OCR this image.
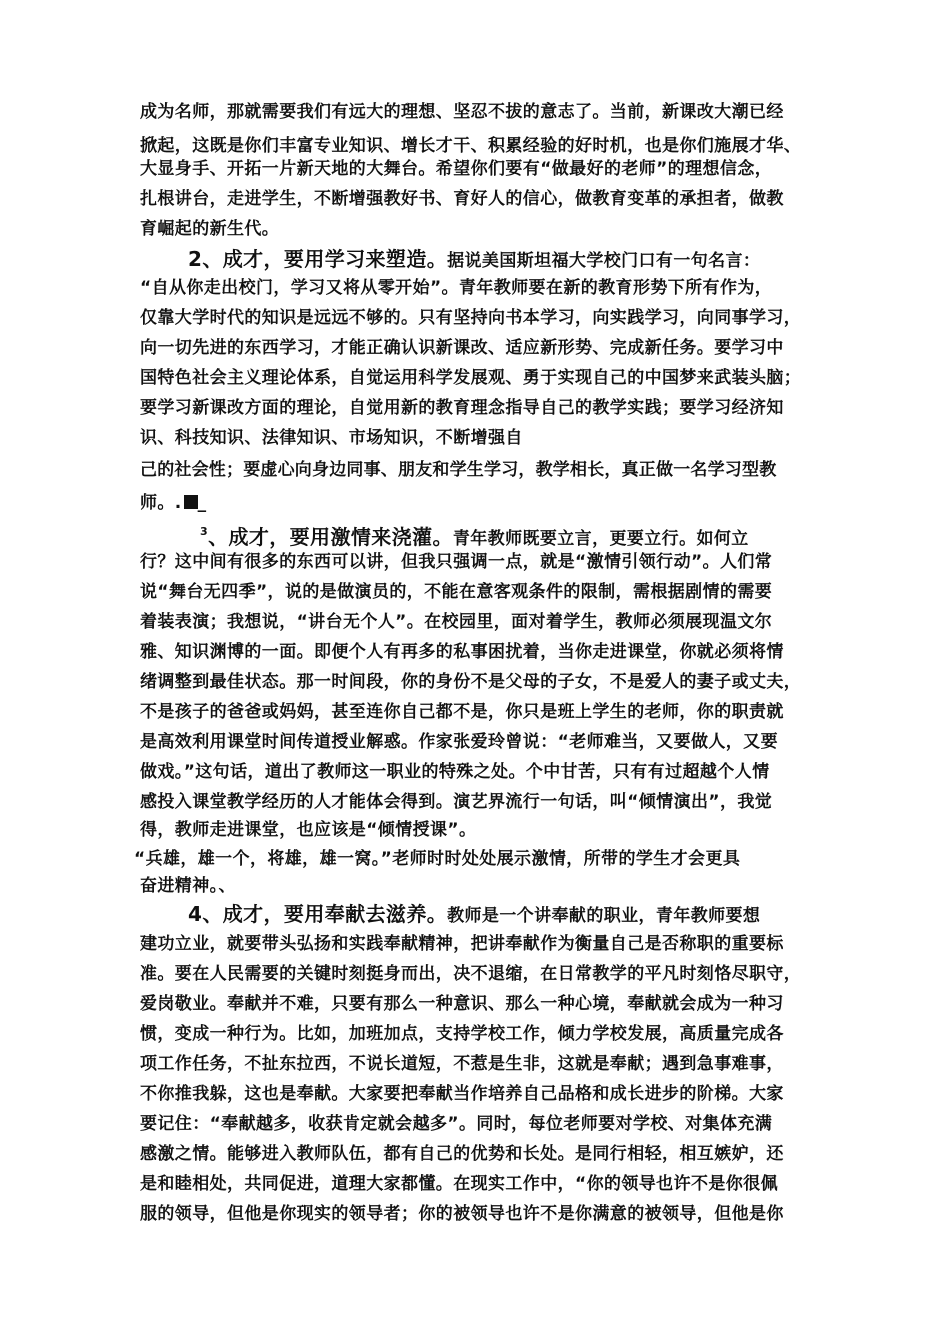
成为名师，那就需要我们有远大的理想、坚忍不拔的意志了。当前，新课改大潮已经
掀起，这既是你们丰富专业知识、增长才干、积累经验的好时机，也是你们施展才华、
大显身手、开拓一片新天地的大舞台。希望你们要有“做最好的老师”的理想信念，
扎根讲台，走进学生，不断增强教好书、育好人的信心，做教育变革的承担者，做教
育崛起的新生代。
2、成才，要用学习来塑造。据说美国斯坦福大学校门口有一句名言：
“自从你走出校门，学习又将从零开始”。青年教师要在新的教育形势下所有作为，
仅靠大学时代的知识是远远不够的。只有坚持向书本学习，向实践学习，向同事学习，
向一切先进的东西学习，才能正确认识新课改、适应新形势、完成新任务。要学习中
国特色社会主义理论体系，自觉运用科学发展观、勇于实现自己的中国梦来武装头脑；
要学习新课改方面的理论，自觉用新的教育理念指导自己的教学实践；要学习经济知
识、科技知识、法律知识、市场知识，不断增强自
己的社会性；要虚心向身边同事、朋友和学生学习，教学相长，真正做一名学习型教
师。. _
$^3$、成才，要用激情来浇灌。青年教师既要立言，更要立行。如何立
行？这中间有很多的东西可以讲，但我只强调一点，就是“激情引领行动”。人们常
说“舞台无四季”，说的是做演员的，不能在意客观条件的限制，需根据剧情的需要
着装表演；我想说，“讲台无个人”。在校园里，面对着学生，教师必须展现温文尔
雅、知识渊博的一面。即便个人有再多的私事困扰着，当你走进课堂，你就必须将情
绪调整到最佳状态。那一时间段，你的身份不是父母的子女，不是爱人的妻子或丈夫，
不是孩子的爸爸或妈妈，甚至连你自己都不是，你只是班上学生的老师，你的职责就
是高效利用课堂时间传道授业解惑。作家张爱玲曾说：“老师难当，又要做人，又要
做戏。”这句话，道出了教师这一职业的特殊之处。个中甘苦，只有有过超越个人情
感投入课堂教学经历的人才能体会得到。演艺界流行一句话，叫“倾情演出”，我觉
得，教师走进课堂，也应该是“倾情授课”。
“兵雄，雄一个，将雄，雄一窝。”老师时时处处展示激情，所带的学生才会更具
奋进精神。、
4、成才，要用奉献去滋养。教师是一个讲奉献的职业，青年教师要想
建功立业，就要带头弘扬和实践奉献精神，把讲奉献作为衡量自己是否称职的重要标
准。要在人民需要的关键时刻挺身而出，决不退缩，在日常教学的平凡时刻恪尽职守，
爱岗敬业。奉献并不难，只要有那么一种意识、那么一种心境，奉献就会成为一种习
惯，变成一种行为。比如，加班加点，支持学校工作，倾力学校发展，高质量完成各
项工作任务，不扯东拉西，不说长道短，不惹是生非，这就是奉献；遇到急事难事，
不你推我躲，这也是奉献。大家要把奉献当作培养自己品格和成长进步的阶梯。大家
要记住：“奉献越多，收获肯定就会越多”。同时，每位老师要对学校、对集体充满
感激之情。能够进入教师队伍，都有自己的优势和长处。是同行相轻，相互嫉妒，还
是和睦相处，共同促进，道理大家都懂。在现实工作中，“你的领导也许不是你很佩
服的领导，但他是你现实的领导者；你的被领导也许不是你满意的被领导，但他是你
